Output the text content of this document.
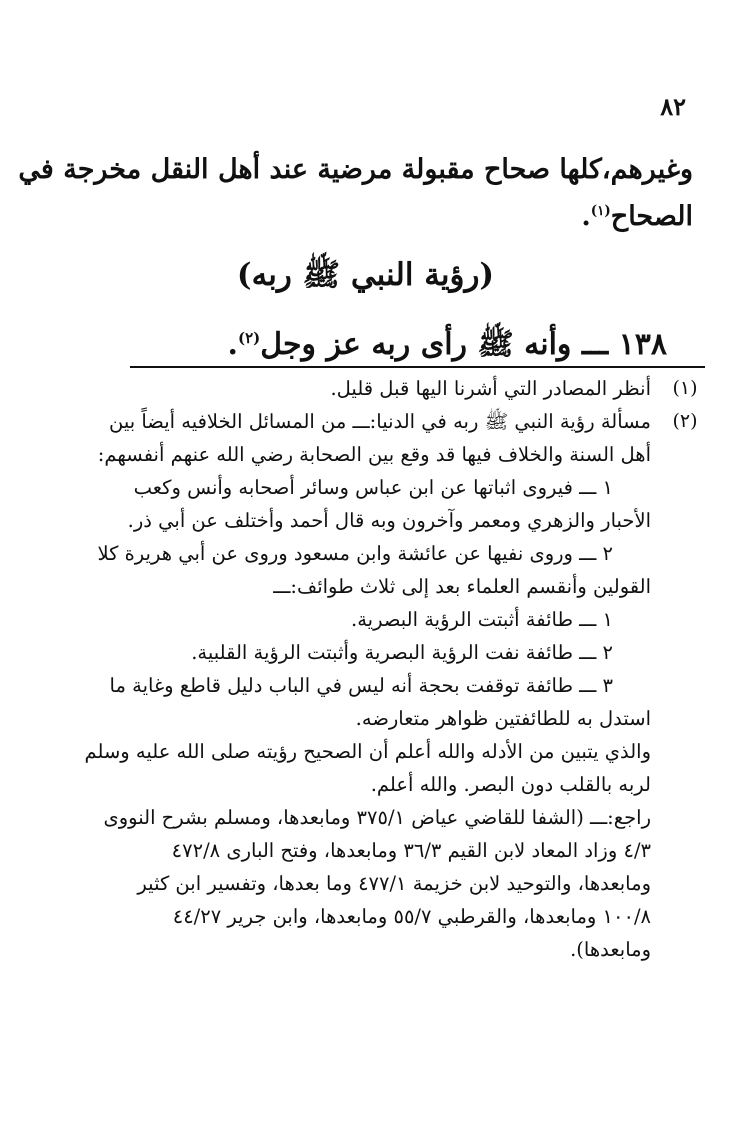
٨٢
وغيرهم،كلها صحاح مقبولة مرضية عند أهل النقل مخرجة في
الصحاح$^{(١)}$.
(رؤية النبي ﷺ ربه)
١٣٨ ـــ وأنه ﷺ رأى ربه عز وجل$^{(٢)}$.
(١)
أنظر المصادر التي أشرنا اليها قبل قليل.
(٢)
مسألة رؤية النبي ﷺ ربه في الدنيا:ـــ من المسائل الخلافيه أيضاً بين
أهل السنة والخلاف فيها قد وقع بين الصحابة رضي الله عنهم أنفسهم:
١ ـــ فيروى اثباتها عن ابن عباس وسائر أصحابه وأنس وكعب
الأحبار والزهري ومعمر وآخرون وبه قال أحمد وأختلف عن أبي ذر.
٢ ـــ وروى نفيها عن عائشة وابن مسعود وروى عن أبي هريرة كلا
القولين وأنقسم العلماء بعد إلى ثلاث طوائف:ـــ
١ ـــ طائفة أثبتت الرؤية البصرية.
٢ ـــ طائفة نفت الرؤية البصرية وأثبتت الرؤية القلبية.
٣ ـــ طائفة توقفت بحجة أنه ليس في الباب دليل قاطع وغاية ما
استدل به للطائفتين ظواهر متعارضه.
والذي يتبين من الأدله والله أعلم أن الصحيح رؤيته صلى الله عليه وسلم
لربه بالقلب دون البصر. والله أعلم.
راجع:ـــ (الشفا للقاضي عياض ٣٧٥/١ ومابعدها، ومسلم بشرح النووى
٤/٣ وزاد المعاد لابن القيم ٣٦/٣ ومابعدها، وفتح البارى ٤٧٢/٨
ومابعدها، والتوحيد لابن خزيمة ٤٧٧/١ وما بعدها، وتفسير ابن كثير
١٠٠/٨ ومابعدها، والقرطبي ٥٥/٧ ومابعدها، وابن جرير ٤٤/٢٧
ومابعدها).
